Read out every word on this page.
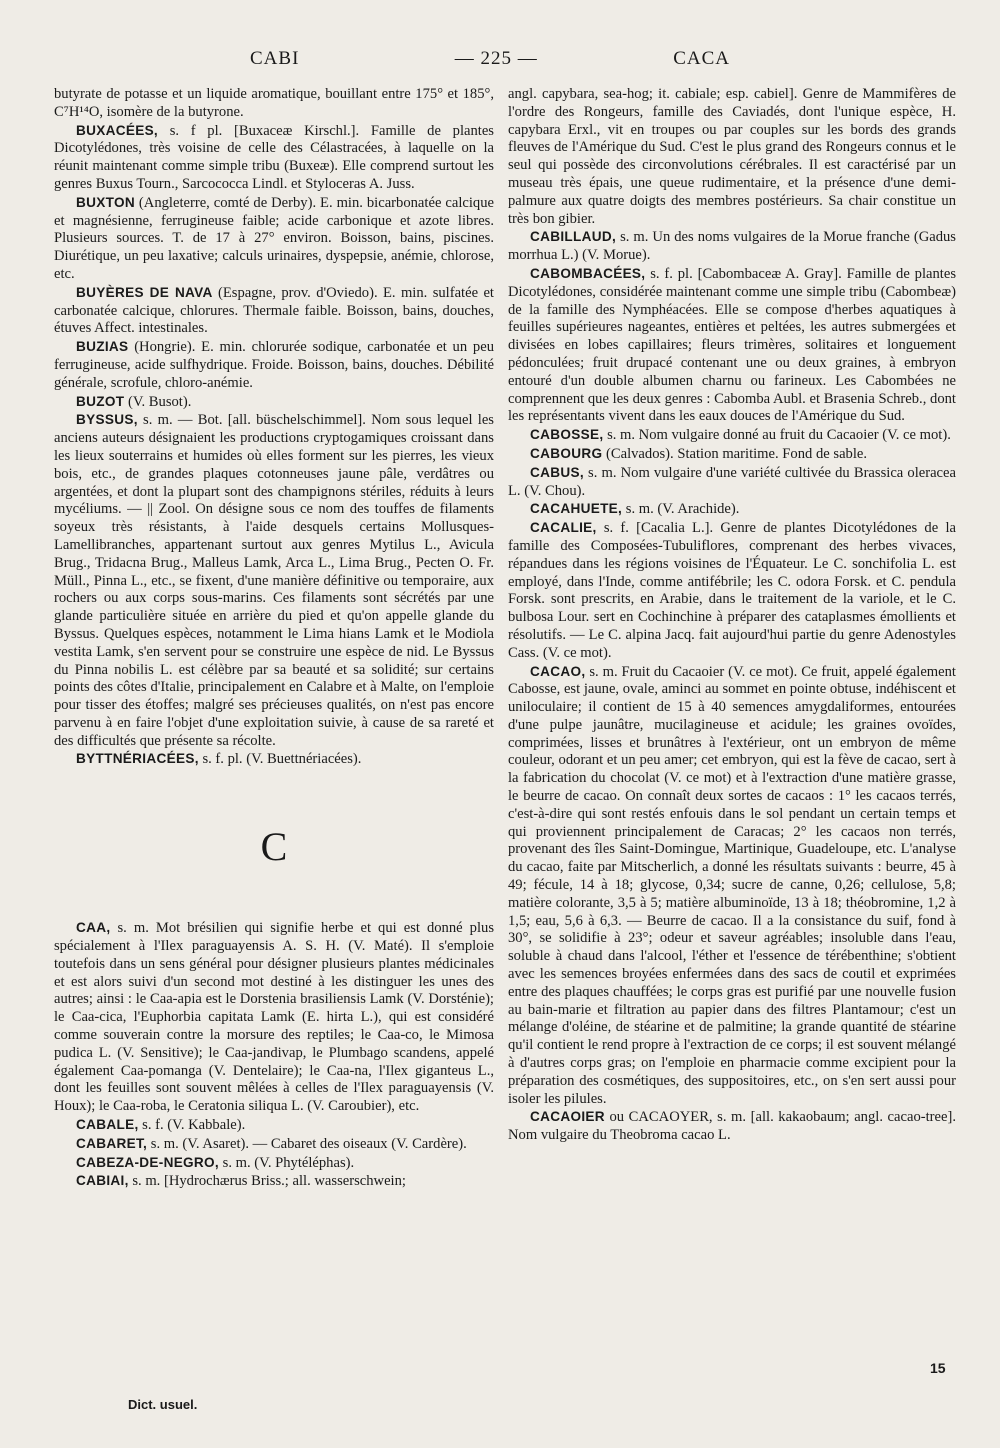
CABI	— 225 —	CACA

butyrate de potasse et un liquide aromatique, bouillant entre 175° et 185°, C⁷H¹⁴O, isomère de la butyrone.

BUXACÉES, s. f pl. [Buxaceæ Kirschl.]. Famille de plantes Dicotylédones, très voisine de celle des Célastracées, à laquelle on la réunit maintenant comme simple tribu (Buxeæ). Elle comprend surtout les genres Buxus Tourn., Sarcococca Lindl. et Styloceras A. Juss.

BUXTON (Angleterre, comté de Derby). E. min. bicarbonatée calcique et magnésienne, ferrugineuse faible; acide carbonique et azote libres. Plusieurs sources. T. de 17 à 27° environ. Boisson, bains, piscines. Diurétique, un peu laxative; calculs urinaires, dyspepsie, anémie, chlorose, etc.

BUYÈRES DE NAVA (Espagne, prov. d'Oviedo). E. min. sulfatée et carbonatée calcique, chlorures. Thermale faible. Boisson, bains, douches, étuves Affect. intestinales.

BUZIAS (Hongrie). E. min. chlorurée sodique, carbonatée et un peu ferrugineuse, acide sulfhydrique. Froide. Boisson, bains, douches. Débilité générale, scrofule, chloro-anémie.

BUZOT (V. Busot).

BYSSUS, s. m. — Bot. [all. büschelschimmel]. Nom sous lequel les anciens auteurs désignaient les productions cryptogamiques croissant dans les lieux souterrains et humides où elles forment sur les pierres, les vieux bois, etc., de grandes plaques cotonneuses jaune pâle, verdâtres ou argentées, et dont la plupart sont des champignons stériles, réduits à leurs mycéliums. — || Zool. On désigne sous ce nom des touffes de filaments soyeux très résistants, à l'aide desquels certains Mollusques-Lamellibranches, appartenant surtout aux genres Mytilus L., Avicula Brug., Tridacna Brug., Malleus Lamk, Arca L., Lima Brug., Pecten O. Fr. Müll., Pinna L., etc., se fixent, d'une manière définitive ou temporaire, aux rochers ou aux corps sous-marins. Ces filaments sont sécrétés par une glande particulière située en arrière du pied et qu'on appelle glande du Byssus. Quelques espèces, notamment le Lima hians Lamk et le Modiola vestita Lamk, s'en servent pour se construire une espèce de nid. Le Byssus du Pinna nobilis L. est célèbre par sa beauté et sa solidité; sur certains points des côtes d'Italie, principalement en Calabre et à Malte, on l'emploie pour tisser des étoffes; malgré ses précieuses qualités, on n'est pas encore parvenu à en faire l'objet d'une exploitation suivie, à cause de sa rareté et des difficultés que présente sa récolte.

BYTTNÉRIACÉES, s. f. pl. (V. Buettnériacées).

C

CAA, s. m. Mot brésilien qui signifie herbe et qui est donné plus spécialement à l'Ilex paraguayensis A. S. H. (V. Maté). Il s'emploie toutefois dans un sens général pour désigner plusieurs plantes médicinales et est alors suivi d'un second mot destiné à les distinguer les unes des autres; ainsi : le Caa-apia est le Dorstenia brasiliensis Lamk (V. Dorsténie); le Caa-cica, l'Euphorbia capitata Lamk (E. hirta L.), qui est considéré comme souverain contre la morsure des reptiles; le Caa-co, le Mimosa pudica L. (V. Sensitive); le Caa-jandivap, le Plumbago scandens, appelé également Caa-pomanga (V. Dentelaire); le Caa-na, l'Ilex giganteus L., dont les feuilles sont souvent mêlées à celles de l'Ilex paraguayensis (V. Houx); le Caa-roba, le Ceratonia siliqua L. (V. Caroubier), etc.

CABALE, s. f. (V. Kabbale).

CABARET, s. m. (V. Asaret). — Cabaret des oiseaux (V. Cardère).

CABEZA-DE-NEGRO, s. m. (V. Phytéléphas).

CABIAI, s. m. [Hydrochærus Briss.; all. wasserschwein;

angl. capybara, sea-hog; it. cabiale; esp. cabiel]. Genre de Mammifères de l'ordre des Rongeurs, famille des Caviadés, dont l'unique espèce, H. capybara Erxl., vit en troupes ou par couples sur les bords des grands fleuves de l'Amérique du Sud. C'est le plus grand des Rongeurs connus et le seul qui possède des circonvolutions cérébrales. Il est caractérisé par un museau très épais, une queue rudimentaire, et la présence d'une demi-palmure aux quatre doigts des membres postérieurs. Sa chair constitue un très bon gibier.

CABILLAUD, s. m. Un des noms vulgaires de la Morue franche (Gadus morrhua L.) (V. Morue).

CABOMBACÉES, s. f. pl. [Cabombaceæ A. Gray]. Famille de plantes Dicotylédones, considérée maintenant comme une simple tribu (Cabombeæ) de la famille des Nymphéacées. Elle se compose d'herbes aquatiques à feuilles supérieures nageantes, entières et peltées, les autres submergées et divisées en lobes capillaires; fleurs trimères, solitaires et longuement pédonculées; fruit drupacé contenant une ou deux graines, à embryon entouré d'un double albumen charnu ou farineux. Les Cabombées ne comprennent que les deux genres : Cabomba Aubl. et Brasenia Schreb., dont les représentants vivent dans les eaux douces de l'Amérique du Sud.

CABOSSE, s. m. Nom vulgaire donné au fruit du Cacaoier (V. ce mot).

CABOURG (Calvados). Station maritime. Fond de sable.

CABUS, s. m. Nom vulgaire d'une variété cultivée du Brassica oleracea L. (V. Chou).

CACAHUETE, s. m. (V. Arachide).

CACALIE, s. f. [Cacalia L.]. Genre de plantes Dicotylédones de la famille des Composées-Tubuliflores, comprenant des herbes vivaces, répandues dans les régions voisines de l'Équateur. Le C. sonchifolia L. est employé, dans l'Inde, comme antifébrile; les C. odora Forsk. et C. pendula Forsk. sont prescrits, en Arabie, dans le traitement de la variole, et le C. bulbosa Lour. sert en Cochinchine à préparer des cataplasmes émollients et résolutifs. — Le C. alpina Jacq. fait aujourd'hui partie du genre Adenostyles Cass. (V. ce mot).

CACAO, s. m. Fruit du Cacaoier (V. ce mot). Ce fruit, appelé également Cabosse, est jaune, ovale, aminci au sommet en pointe obtuse, indéhiscent et uniloculaire; il contient de 15 à 40 semences amygdaliformes, entourées d'une pulpe jaunâtre, mucilagineuse et acidule; les graines ovoïdes, comprimées, lisses et brunâtres à l'extérieur, ont un embryon de même couleur, odorant et un peu amer; cet embryon, qui est la fève de cacao, sert à la fabrication du chocolat (V. ce mot) et à l'extraction d'une matière grasse, le beurre de cacao. On connaît deux sortes de cacaos : 1° les cacaos terrés, c'est-à-dire qui sont restés enfouis dans le sol pendant un certain temps et qui proviennent principalement de Caracas; 2° les cacaos non terrés, provenant des îles Saint-Domingue, Martinique, Guadeloupe, etc. L'analyse du cacao, faite par Mitscherlich, a donné les résultats suivants : beurre, 45 à 49; fécule, 14 à 18; glycose, 0,34; sucre de canne, 0,26; cellulose, 5,8; matière colorante, 3,5 à 5; matière albuminoïde, 13 à 18; théobromine, 1,2 à 1,5; eau, 5,6 à 6,3. — Beurre de cacao. Il a la consistance du suif, fond à 30°, se solidifie à 23°; odeur et saveur agréables; insoluble dans l'eau, soluble à chaud dans l'alcool, l'éther et l'essence de térébenthine; s'obtient avec les semences broyées enfermées dans des sacs de coutil et exprimées entre des plaques chauffées; le corps gras est purifié par une nouvelle fusion au bain-marie et filtration au papier dans des filtres Plantamour; c'est un mélange d'oléine, de stéarine et de palmitine; la grande quantité de stéarine qu'il contient le rend propre à l'extraction de ce corps; il est souvent mélangé à d'autres corps gras; on l'emploie en pharmacie comme excipient pour la préparation des cosmétiques, des suppositoires, etc., on s'en sert aussi pour isoler les pilules.

CACAOIER ou CACAOYER, s. m. [all. kakaobaum; angl. cacao-tree]. Nom vulgaire du Theobroma cacao L.

Dict. usuel.
15
